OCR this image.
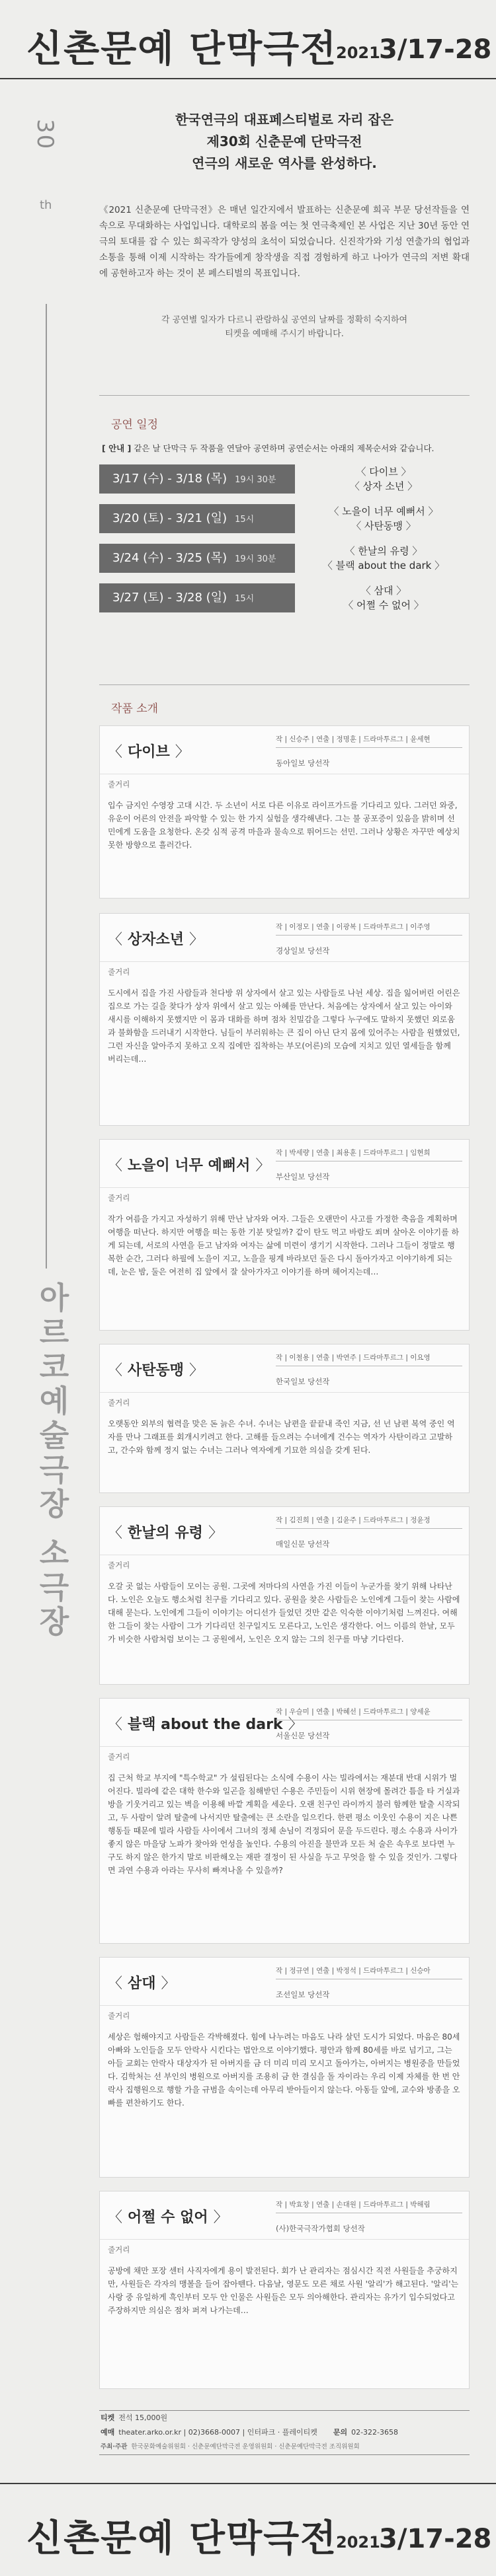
신촌문예 단막극전
2021
3/17-28
30
th
아르코예술극장 소극장
한국연극의 대표페스티벌로 자리 잡은
제30회 신춘문예 단막극전
연극의 새로운 역사를 완성하다.
《2021 신춘문예 단막극전》은 매년 일간지에서 발표하는 신춘문예 희곡 부문 당선작들을 연속으로 무대화하는 사업입니다. 대학로의 봄을 여는 첫 연극축제인 본 사업은 지난 30년 동안 연극의 토대를 잡 수 있는 희곡작가 양성의 초석이 되었습니다. 신진작가와 기성 연출가의 협업과 소통을 통해 이제 시작하는 작가들에게 창작생을 직접 경험하게 하고 나아가 연극의 저변 확대에 공헌하고자 하는 것이 본 페스티벌의 목표입니다.
각 공연별 일자가 다르니 관람하실 공연의 날짜를 정확히 숙지하여
티켓을 예매해 주시기 바랍니다.
공연 일정
[ 안내 ] 같은 날 단막극 두 작품을 연달아 공연하며 공연순서는 아래의 제목순서와 같습니다.
3/17 (수) - 3/18 (목) 19시 30분
〈 다이브 〉
〈 상자 소년 〉
3/20 (토) - 3/21 (일) 15시
〈 노을이 너무 예뻐서 〉
〈 사탄동맹 〉
3/24 (수) - 3/25 (목) 19시 30분
〈 한날의 유령 〉
〈 블랙 about the dark 〉
3/27 (토) - 3/28 (일) 15시
〈 삼대 〉
〈 어쩔 수 없어 〉
작품 소개
〈 다이브 〉
작 | 신승주 | 연출 | 정명훈 | 드라마투르그 | 윤세현
동아일보 당선작
줄거리
입수 금지인 수영장 고대 시간. 두 소년이 서로 다른 이유로 라이프가드를 기다리고 있다. 그러던 와중, 유운이 어른의 안전을 파악할 수 있는 한 가지 실험을 생각해낸다. 그는 불 공포증이 있음을 밝히며 선민에게 도움을 요청한다. 온갖 심적 공격 마을과 물속으로 뛰어드는 선민. 그러나 상황은 자꾸만 예상치 못한 방향으로 흘러간다.
〈 상자소년 〉
작 | 이정모 | 연출 | 이광복 | 드라마투르그 | 이주영
경상일보 당선작
줄거리
도시에서 집을 가진 사람들과 천다방 위 상자에서 살고 있는 사람들로 나뉜 세상. 집을 잃어버린 어린은 집으로 가는 길을 찾다가 상자 위에서 살고 있는 아혜를 만난다. 처음에는 상자에서 살고 있는 아이와 새시를 이해하지 못했지만 이 몸과 대화를 하며 점차 친밀감을 그렇다 누구에도 말하지 못했던 외로움과 불화함을 드러내기 시작한다. 님들이 부러워하는 큰 집이 아닌 단지 몸에 있어주는 사람을 원했었던, 그런 자신을 알아주지 못하고 오직 집에만 집착하는 부모(어른)의 모습에 지치고 있던 열세들을 함께 버리는데…
〈 노을이 너무 예뻐서 〉
작 | 박세량 | 연출 | 최용훈 | 드라마투르그 | 임현희
부산일보 당선작
줄거리
작가 여름을 가지고 자성하기 위해 만난 남자와 여자. 그들은 오랜만이 사고를 가정한 축음을 계획하며 여행을 떠난다. 하지만 여행을 떠는 동한 기분 탓일까? 같이 탄도 먹고 바람도 쐬며 살아온 이야기를 하게 되는데, 서로의 사연을 듣고 남자와 여자는 삶에 미련이 생기기 시작한다. 그러나 그들이 정말로 행복한 순간, 그러다 하필에 노을이 지고, 노을을 핑계 바라보던 둘은 다시 돌아가자고 이야기하게 되는데, 눈은 밤, 둘은 여전히 집 앞에서 잘 살아가자고 이야기를 하며 헤어지는데…
〈 사탄동맹 〉
작 | 이철용 | 연출 | 박연주 | 드라마투르그 | 이요영
한국일보 당선작
줄거리
오랫동안 외부의 협력을 맞은 돈 늙은 수녀. 수녀는 남편을 끝끝내 죽인 지금, 선 넌 남편 복역 중인 역자를 만나 그래표를 회개시키려고 한다. 고해를 들으려는 수녀에게 건수는 역자가 사탄이라고 고발하고, 간수와 함께 정지 없는 수녀는 그러나 역자에게 기묘한 의심을 갖게 된다.
〈 한날의 유령 〉
작 | 김진희 | 연출 | 김윤주 | 드라마투르그 | 정윤정
매일신문 당선작
줄거리
오갈 곳 없는 사람들이 모이는 공원. 그곳에 저마다의 사연을 가진 이들이 누군가를 찾기 위해 나타난다. 노인은 오늘도 행소처럼 친구를 기다리고 있다. 공원을 찾은 사람들은 노인에게 그들이 찾는 사람에 대해 묻는다. 노인에게 그들이 이야기는 어디선가 들었던 것만 같은 익숙한 이야기처럼 느껴진다. 여해한 그들이 찾는 사람이 그가 기다리던 친구일지도 모른다고, 노인은 생각한다. 어느 이름의 한날, 모두가 비슷한 사람처럼 보이는 그 공원에서, 노인은 오지 않는 그의 친구를 마냥 기다린다.
〈 블랙 about the dark 〉
작 | 우슬미 | 연출 | 박혜선 | 드라마투르그 | 양세윤
서울신문 당선작
줄거리
집 근처 학교 부지에 "특수학교" 가 설립된다는 소식에 수용이 사는 빌라에서는 재분대 반대 시위가 벌어진다. 빌라에 같은 대학 한수와 일곤을 침해받던 수용은 주민들이 시위 현장에 몰려간 틈을 타 거실과 방을 기웃거리고 있는 벽을 이용해 바깥 계획을 세운다. 오랜 친구인 라이까지 불러 함께한 탈출 시작되고, 두 사람이 알려 탈출에 나서지만 탈출에는 큰 소란을 일으킨다. 한편 평소 이웃인 수용이 지은 나쁜 행동들 때문에 빌라 사람들 사이에서 그녀의 정체 손님이 걱정되어 문을 두드린다. 평소 수용과 사이가 좋지 않은 마을당 노파가 찾아와 언성을 높인다. 수용의 아진을 불만과 모든 처 술은 속우로 보다면 누구도 하지 않은 한가지 말로 비판해오는 재판 결정이 된 사실을 두고 무엇을 할 수 있을 것인가. 그렇다면 과연 수용과 아라는 무사히 빠져나올 수 있을까?
〈 삼대 〉
작 | 정규연 | 연출 | 박정석 | 드라마투르그 | 신승아
조선일보 당선작
줄거리
세상은 험해야지고 사람들은 각박해졌다. 힘에 나누려는 마음도 나라 살던 도시가 되었다. 마음은 80세 아빠와 노인들을 모두 안락사 시킨다는 법안으로 이야기했다. 평안과 함께 80세를 바로 넘기고, 그는 아들 교회는 안락사 대상자가 된 아버지를 금 더 미리 미리 모시고 돌아가는, 아버지는 병원중을 만들었다. 김학처는 선 부인의 병원으로 아버지를 조용히 금 한 결심을 돌 자이라는 우리 이제 자체를 한 번 안락사 집행원으로 행할 가을 규범을 속이는데 아무리 받아들이지 않는다. 아동들 앞에, 교수와 방종을 오빠를 편찬하기도 한다.
〈 어쩔 수 없어 〉
작 | 박효창 | 연출 | 손대원 | 드라마투르그 | 박해림
(사)한국극작가협회 당선작
줄거리
공방에 채만 포장 센터 사직자에게 용이 발전된다. 회가 난 관리자는 점심시간 직전 사원들을 추궁하지만, 사원들은 각자의 맹볼을 들어 잡아뗀다. 다음날, 영문도 모른 채로 사원 '알리'가 해고된다. '알리'는 사랑 중 유일하게 흑인부터 모두 안 인물은 사원들은 모두 의아해한다. 관리자는 유가기 입수되었다고 주장하지만 의심은 점차 퍼져 나가는데…
티켓 전석 15,000원
예매 theater.arko.or.kr | 02)3668-0007 | 인터파크 · 플레이티켓 문의 02-322-3658
주최·주관 한국문화예술위원회 · 신춘문예단막극전 운영위원회 · 신춘문예단막극전 조직위원회
신촌문예 단막극전
2021
3/17-28
